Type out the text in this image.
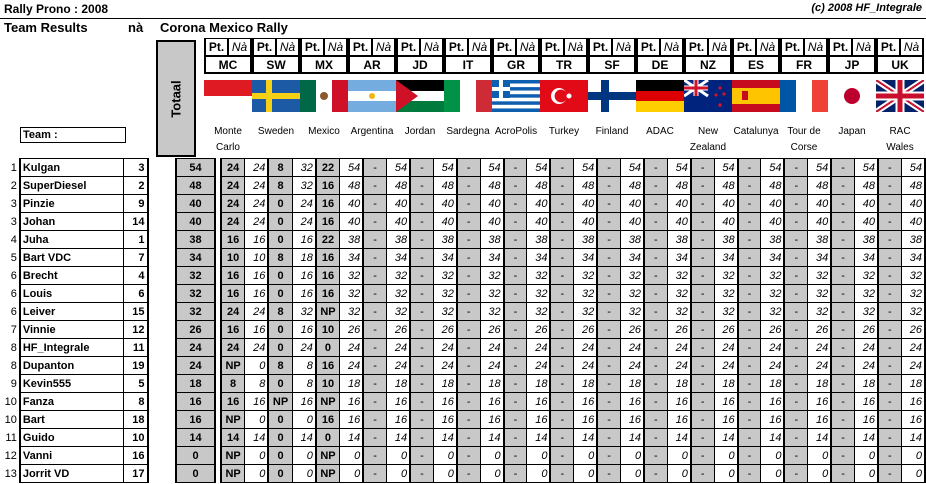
Rally Prono : 2008	(c) 2008 HF_Integrale
Team Results	nà Corona Mexico Rally
Totaal
Team :
Pt. Nà
MC
Monte
Carlo
Pt. Nà
SW
Sweden
Pt. Nà
MX
Mexico
Pt. Nà
AR
Argentina
Pt. Nà
JD
Jordan
Pt. Nà
IT
Sardegna
Pt. Nà
GR
AcroPolis
Pt. Nà
TR
Turkey
Pt. Nà
SF
Finland
Pt. Nà
DE
ADAC
Pt. Nà
NZ
New
Zealand
Pt. Nà
ES
Catalunya
Pt. Nà
FR
Tour de
Corse
Pt. Nà
JP
Japan
Pt. Nà
UK
RAC
Wales
1	Kulgan	3		54		24	24	8	32	22	54	-	54	-	54	-	54	-	54	-	54	-	54	-	54	-	54	-	54	-	54	-	54	-	54
2	SuperDiesel	2		48		24	24	8	32	16	48	-	48	-	48	-	48	-	48	-	48	-	48	-	48	-	48	-	48	-	48	-	48	-	48
3	Pinzie	9		40		24	24	0	24	16	40	-	40	-	40	-	40	-	40	-	40	-	40	-	40	-	40	-	40	-	40	-	40	-	40
3	Johan	14		40		24	24	0	24	16	40	-	40	-	40	-	40	-	40	-	40	-	40	-	40	-	40	-	40	-	40	-	40	-	40
4	Juha	1		38		16	16	0	16	22	38	-	38	-	38	-	38	-	38	-	38	-	38	-	38	-	38	-	38	-	38	-	38	-	38
5	Bart VDC	7		34		10	10	8	18	16	34	-	34	-	34	-	34	-	34	-	34	-	34	-	34	-	34	-	34	-	34	-	34	-	34
6	Brecht	4		32		16	16	0	16	16	32	-	32	-	32	-	32	-	32	-	32	-	32	-	32	-	32	-	32	-	32	-	32	-	32
6	Louis	6		32		16	16	0	16	16	32	-	32	-	32	-	32	-	32	-	32	-	32	-	32	-	32	-	32	-	32	-	32	-	32
6	Leiver	15		32		24	24	8	32	NP	32	-	32	-	32	-	32	-	32	-	32	-	32	-	32	-	32	-	32	-	32	-	32	-	32
7	Vinnie	12		26		16	16	0	16	10	26	-	26	-	26	-	26	-	26	-	26	-	26	-	26	-	26	-	26	-	26	-	26	-	26
8	HF_Integrale	11		24		24	24	0	24	0	24	-	24	-	24	-	24	-	24	-	24	-	24	-	24	-	24	-	24	-	24	-	24	-	24
8	Dupanton	19		24		NP	0	8	8	16	24	-	24	-	24	-	24	-	24	-	24	-	24	-	24	-	24	-	24	-	24	-	24	-	24
9	Kevin555	5		18		8	8	0	8	10	18	-	18	-	18	-	18	-	18	-	18	-	18	-	18	-	18	-	18	-	18	-	18	-	18
10	Fanza	8		16		16	16	NP	16	NP	16	-	16	-	16	-	16	-	16	-	16	-	16	-	16	-	16	-	16	-	16	-	16	-	16
10	Bart	18		16		NP	0	0	0	16	16	-	16	-	16	-	16	-	16	-	16	-	16	-	16	-	16	-	16	-	16	-	16	-	16
11	Guido	10		14		14	14	0	14	0	14	-	14	-	14	-	14	-	14	-	14	-	14	-	14	-	14	-	14	-	14	-	14	-	14
12	Vanni	16		0		NP	0	0	0	NP	0	-	0	-	0	-	0	-	0	-	0	-	0	-	0	-	0	-	0	-	0	-	0	-	0
13	Jorrit VD	17		0		NP	0	0	0	NP	0	-	0	-	0	-	0	-	0	-	0	-	0	-	0	-	0	-	0	-	0	-	0	-	0
